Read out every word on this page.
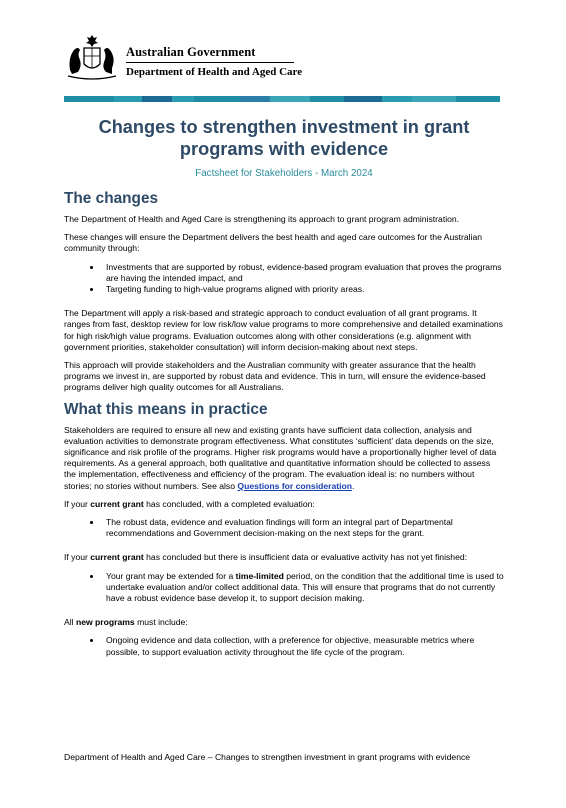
Australian Government
Department of Health and Aged Care
Changes to strengthen investment in grant programs with evidence
Factsheet for Stakeholders - March 2024
The changes

The Department of Health and Aged Care is strengthening its approach to grant program administration.

These changes will ensure the Department delivers the best health and aged care outcomes for the Australian community through:

• Investments that are supported by robust, evidence-based program evaluation that proves the programs are having the intended impact, and
• Targeting funding to high-value programs aligned with priority areas.

The Department will apply a risk-based and strategic approach to conduct evaluation of all grant programs. It ranges from fast, desktop review for low risk/low value programs to more comprehensive and detailed examinations for high risk/high value programs. Evaluation outcomes along with other considerations (e.g. alignment with government priorities, stakeholder consultation) will inform decision-making about next steps.

This approach will provide stakeholders and the Australian community with greater assurance that the health programs we invest in, are supported by robust data and evidence. This in turn, will ensure the evidence-based programs deliver high quality outcomes for all Australians.

What this means in practice

Stakeholders are required to ensure all new and existing grants have sufficient data collection, analysis and evaluation activities to demonstrate program effectiveness. What constitutes ‘sufficient’ data depends on the size, significance and risk profile of the programs. Higher risk programs would have a proportionally higher level of data requirements. As a general approach, both qualitative and quantitative information should be collected to assess the implementation, effectiveness and efficiency of the program. The evaluation ideal is: no numbers without stories; no stories without numbers. See also Questions for consideration.

If your current grant has concluded, with a completed evaluation:

• The robust data, evidence and evaluation findings will form an integral part of Departmental recommendations and Government decision-making on the next steps for the grant.

If your current grant has concluded but there is insufficient data or evaluative activity has not yet finished:

• Your grant may be extended for a time-limited period, on the condition that the additional time is used to undertake evaluation and/or collect additional data. This will ensure that programs that do not currently have a robust evidence base develop it, to support decision making.

All new programs must include:

• Ongoing evidence and data collection, with a preference for objective, measurable metrics where possible, to support evaluation activity throughout the life cycle of the program.
Department of Health and Aged Care – Changes to strengthen investment in grant programs with evidence
